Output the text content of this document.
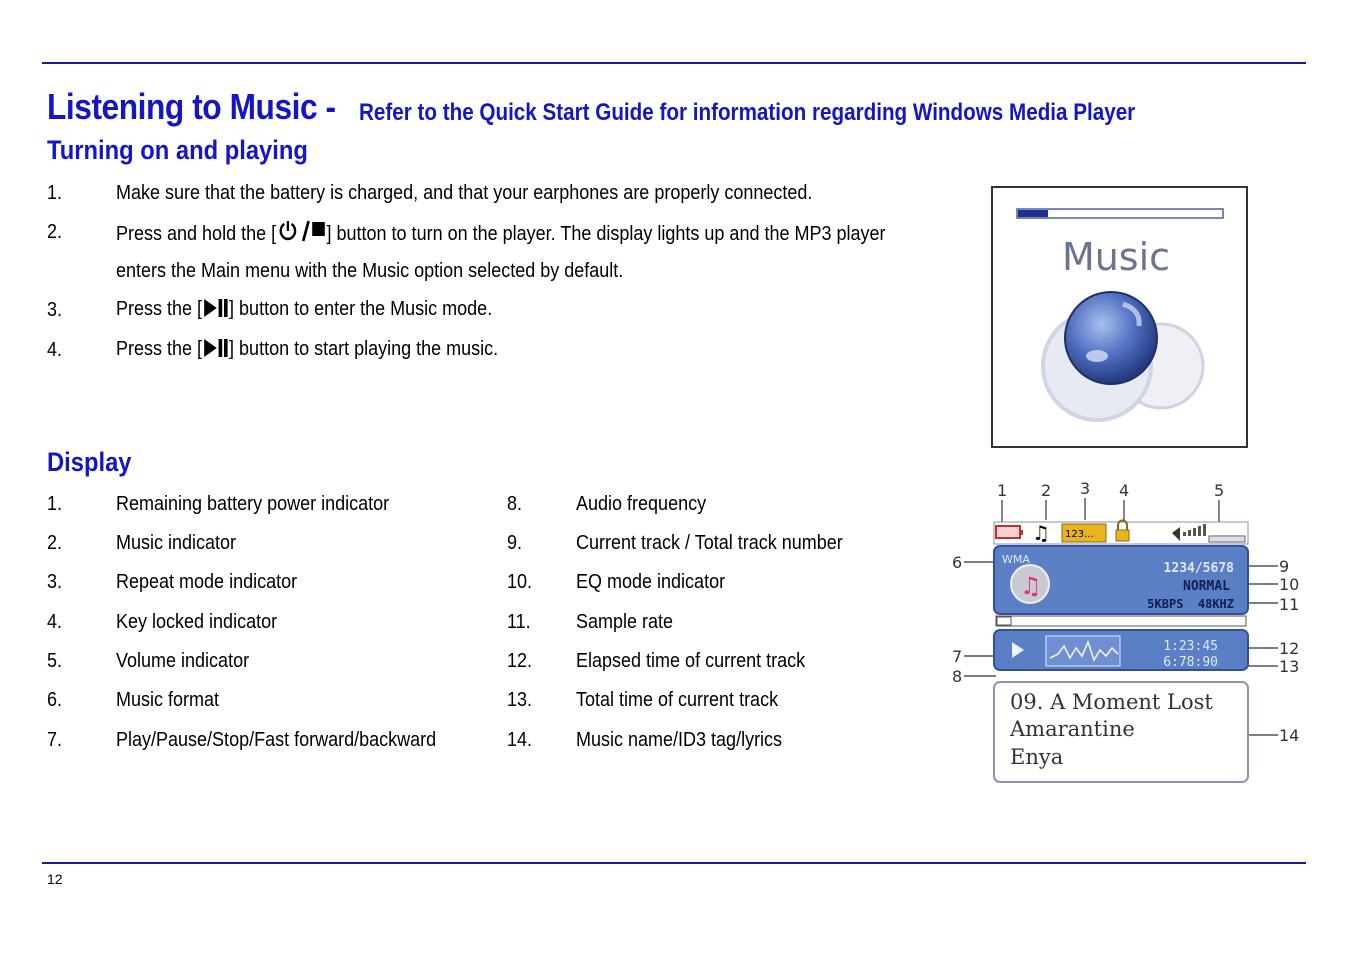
Listening to Music - Refer to the Quick Start Guide for information regarding Windows Media Player
Turning on and playing
1.	Make sure that the battery is charged, and that your earphones are properly connected.
2.	Press and hold the [	] button to turn on the player. The display lights up and the MP3 player
enters the Main menu with the Music option selected by default.
3.	Press the [ ] button to enter the Music mode.
4.	Press the [ ] button to start playing the music.
Display
1.	Remaining battery power indicator
2.	Music indicator
3.	Repeat mode indicator
4.	Key locked indicator
5.	Volume indicator
6.	Music format
7.	Play/Pause/Stop/Fast forward/backward
8.	Audio frequency
9.	Current track / Total track number
10. EQ mode indicator
11. Sample rate
12. Elapsed time of current track
13. Total time of current track
14. Music name/ID3 tag/lyrics
Music
1 2 3 4	5
6
7
8
9
10
11
12
13
14
♫ 123...
WMA
♫
1234/5678
NORMAL
5KBPS  48KHZ
1:23:45
6:78:90
09. A Moment Lost
Amarantine
Enya
12
